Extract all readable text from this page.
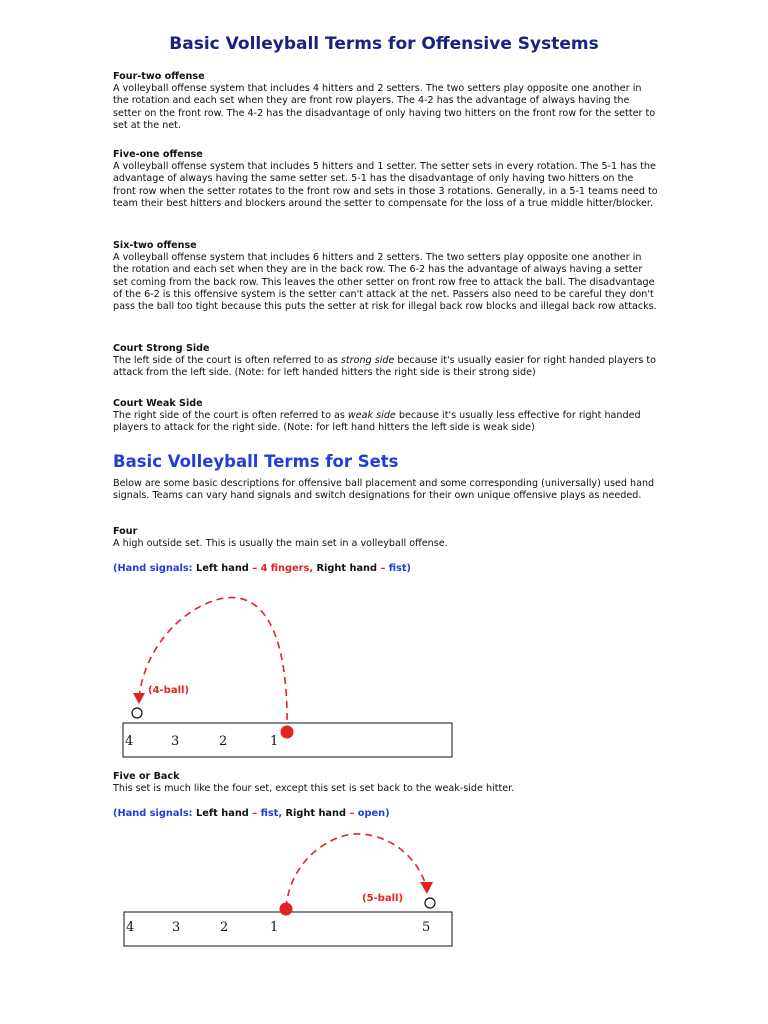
Basic Volleyball Terms for Offensive Systems
Four-two offense
A volleyball offense system that includes 4 hitters and 2 setters. The two setters play opposite one another in the rotation and each set when they are front row players. The 4-2 has the advantage of always having the setter on the front row. The 4-2 has the disadvantage of only having two hitters on the front row for the setter to set at the net.
Five-one offense
A volleyball offense system that includes 5 hitters and 1 setter. The setter sets in every rotation. The 5-1 has the advantage of always having the same setter set. 5-1 has the disadvantage of only having two hitters on the front row when the setter rotates to the front row and sets in those 3 rotations. Generally, in a 5-1 teams need to team their best hitters and blockers around the setter to compensate for the loss of a true middle hitter/blocker.
Six-two offense
A volleyball offense system that includes 6 hitters and 2 setters. The two setters play opposite one another in the rotation and each set when they are in the back row. The 6-2 has the advantage of always having a setter set coming from the back row. This leaves the other setter on front row free to attack the ball. The disadvantage of the 6-2 is this offensive system is the setter can't attack at the net. Passers also need to be careful they don't pass the ball too tight because this puts the setter at risk for illegal back row blocks and illegal back row attacks.
Court Strong Side
The left side of the court is often referred to as strong side because it's usually easier for right handed players to attack from the left side. (Note: for left handed hitters the right side is their strong side)
Court Weak Side
The right side of the court is often referred to as weak side because it's usually less effective for right handed players to attack for the right side. (Note: for left hand hitters the left side is weak side)
Basic Volleyball Terms for Sets
Below are some basic descriptions for offensive ball placement and some corresponding (universally) used hand signals. Teams can vary hand signals and switch designations for their own unique offensive plays as needed.
Four
A high outside set. This is usually the main set in a volleyball offense.
(Hand signals: Left hand – 4 fingers, Right hand – fist)
(4-ball)
4	3	2	1
Five or Back
This set is much like the four set, except this set is set back to the weak-side hitter.
(Hand signals: Left hand – fist, Right hand – open)
(5-ball)
4	3	2	1	5
